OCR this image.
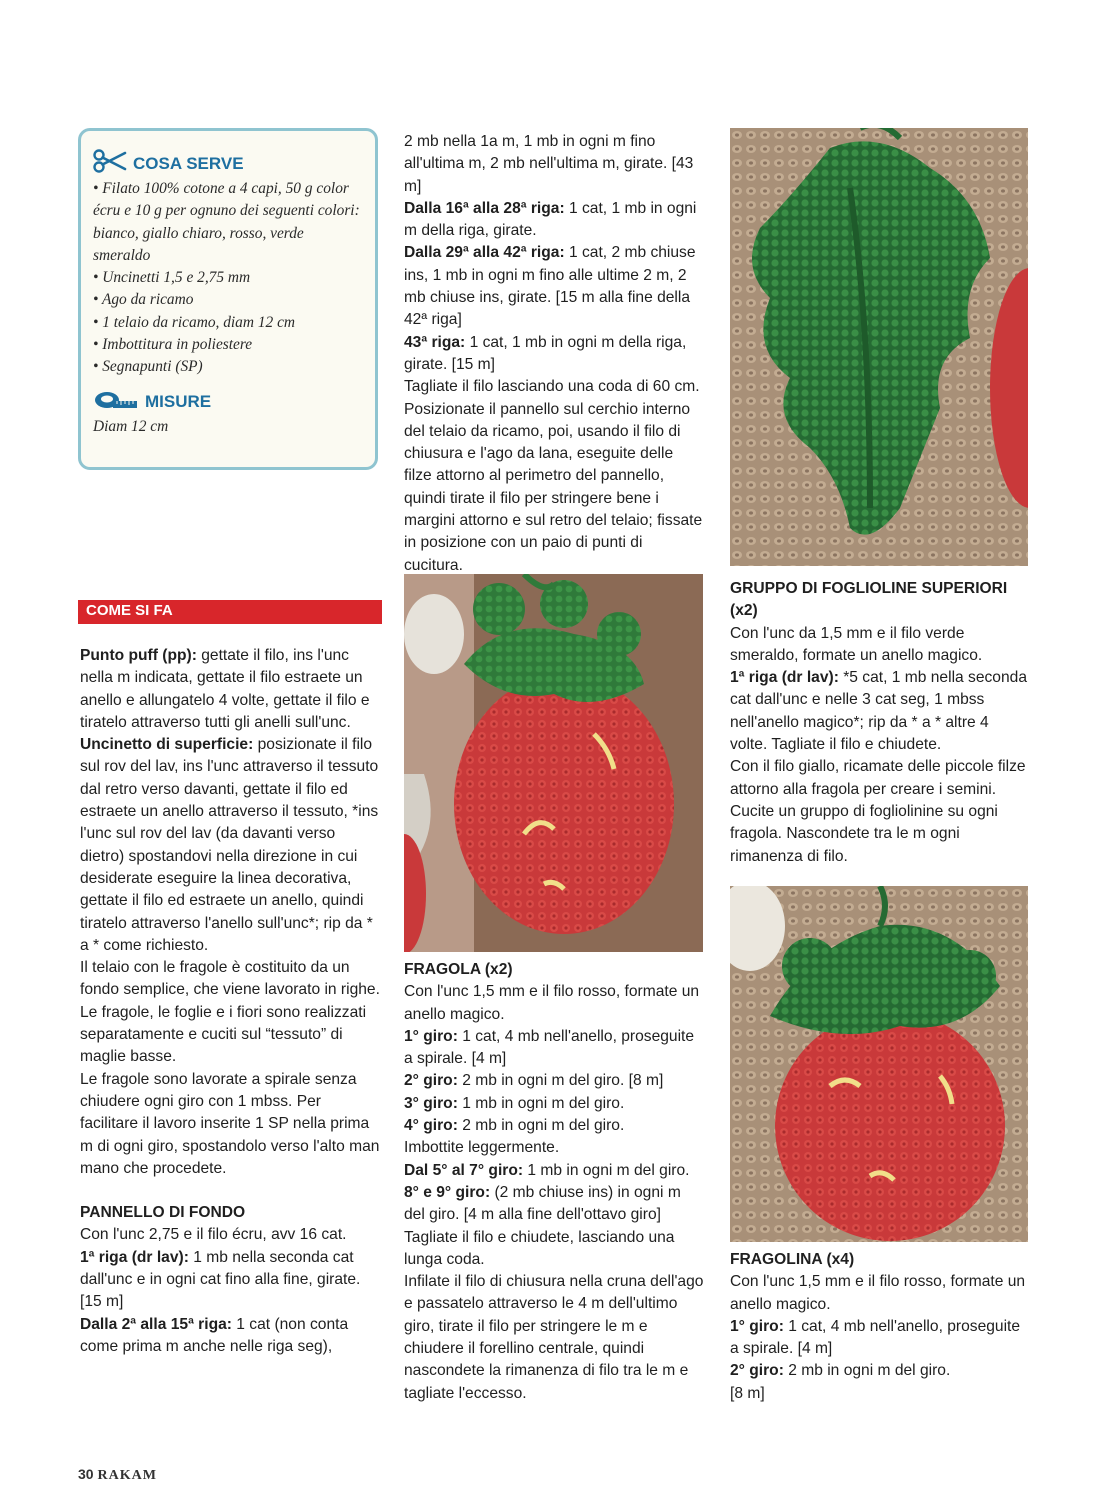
COSA SERVE

• Filato 100% cotone a 4 capi, 50 g color écru e 10 g per ognuno dei seguenti colori: bianco, giallo chiaro, rosso, verde smeraldo

• Uncinetti 1,5 e 2,75 mm

• Ago da ricamo

• 1 telaio da ricamo, diam 12 cm

• Imbottitura in poliestere

• Segnapunti (SP)

MISURE
Diam 12 cm
COME SI FA

Punto puff (pp): gettate il filo, ins l'unc nella m indicata, gettate il filo estraete un anello e allungatelo 4 volte, gettate il filo e tiratelo attraverso tutti gli anelli sull'unc.

Uncinetto di superficie: posizionate il filo sul rov del lav, ins l'unc attraverso il tessuto dal retro verso davanti, gettate il filo ed estraete un anello attraverso il tessuto, *ins l'unc sul rov del lav (da davanti verso dietro) spostandovi nella direzione in cui desiderate eseguire la linea decorativa, gettate il filo ed estraete un anello, quindi tiratelo attraverso l'anello sull'unc*; rip da * a * come richiesto.

Il telaio con le fragole è costituito da un fondo semplice, che viene lavorato in righe. Le fragole, le foglie e i fiori sono realizzati separatamente e cuciti sul “tessuto” di maglie basse.

Le fragole sono lavorate a spirale senza chiudere ogni giro con 1 mbss. Per facilitare il lavoro inserite 1 SP nella prima m di ogni giro, spostandolo verso l'alto man mano che procedete.

PANNELLO DI FONDO

Con l'unc 2,75 e il filo écru, avv 16 cat.

1ª riga (dr lav): 1 mb nella seconda cat dall'unc e in ogni cat fino alla fine, girate. [15 m]

Dalla 2ª alla 15ª riga: 1 cat (non conta come prima m anche nelle riga seg),

2 mb nella 1a m, 1 mb in ogni m fino all'ultima m, 2 mb nell'ultima m, girate. [43 m]

Dalla 16ª alla 28ª riga: 1 cat, 1 mb in ogni m della riga, girate.

Dalla 29ª alla 42ª riga: 1 cat, 2 mb chiuse ins, 1 mb in ogni m fino alle ultime 2 m, 2 mb chiuse ins, girate. [15 m alla fine della 42ª riga]

43ª riga: 1 cat, 1 mb in ogni m della riga, girate. [15 m]

Tagliate il filo lasciando una coda di 60 cm. Posizionate il pannello sul cerchio interno del telaio da ricamo, poi, usando il filo di chiusura e l'ago da lana, eseguite delle filze attorno al perimetro del pannello, quindi tirate il filo per stringere bene i margini attorno e sul retro del telaio; fissate in posizione con un paio di punti di cucitura.

FRAGOLA (x2)

Con l'unc 1,5 mm e il filo rosso, formate un anello magico.

1° giro: 1 cat, 4 mb nell'anello, proseguite a spirale. [4 m]

2° giro: 2 mb in ogni m del giro. [8 m]

3° giro: 1 mb in ogni m del giro.

4° giro: 2 mb in ogni m del giro.

Imbottite leggermente.

Dal 5° al 7° giro: 1 mb in ogni m del giro.

8° e 9° giro: (2 mb chiuse ins) in ogni m del giro. [4 m alla fine dell'ottavo giro]

Tagliate il filo e chiudete, lasciando una lunga coda.

Infilate il filo di chiusura nella cruna dell'ago e passatelo attraverso le 4 m dell'ultimo giro, tirate il filo per stringere le m e chiudere il forellino centrale, quindi nascondete la rimanenza di filo tra le m e tagliate l'eccesso.

GRUPPO DI FOGLIOLINE SUPERIORI (x2)

Con l'unc da 1,5 mm e il filo verde smeraldo, formate un anello magico.

1ª riga (dr lav): *5 cat, 1 mb nella seconda cat dall'unc e nelle 3 cat seg, 1 mbss nell'anello magico*; rip da * a * altre 4 volte. Tagliate il filo e chiudete.

Con il filo giallo, ricamate delle piccole filze attorno alla fragola per creare i semini. Cucite un gruppo di fogliolinine su ogni fragola. Nascondete tra le m ogni rimanenza di filo.

FRAGOLINA (x4)

Con l'unc 1,5 mm e il filo rosso, formate un anello magico.

1° giro: 1 cat, 4 mb nell'anello, proseguite a spirale. [4 m]

2° giro: 2 mb in ogni m del giro.

[8 m]

30 RAKAM
